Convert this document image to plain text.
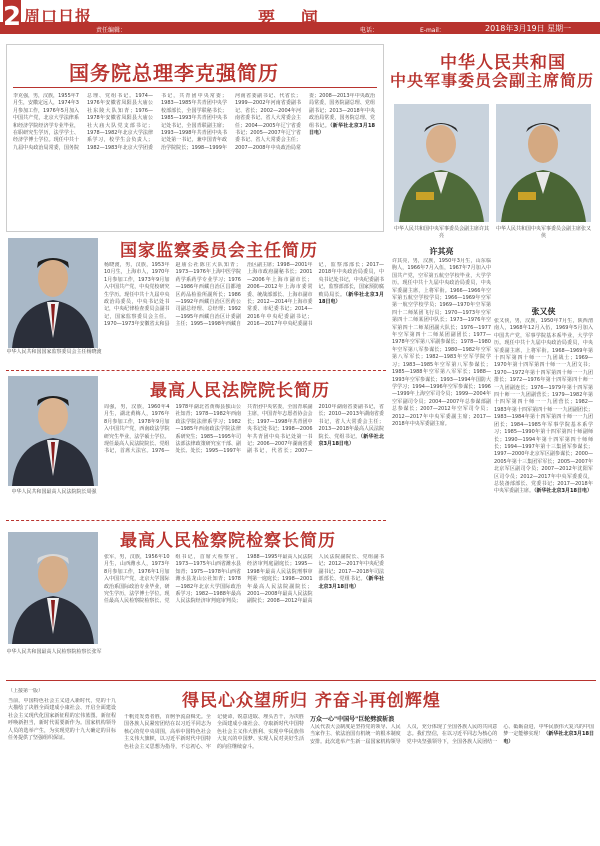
2 周口日报	要 闻
责任编辑：	电话：	E-mail：	2018年3月19日 星期一
国务院总理李克强简历
李克强，男，汉族，1955年7月生，安徽定远人，1974年3月参加工作，1976年5月加入中国共产党，北京大学法律系和经济学院经济学专业毕业，在职研究生学历，法学学士、经济学博士学位。现任中共十九届中央政治局常委，国务院总理、党组书记。1974—1976年安徽省凤阳县大庙公社东陵大队知青；1976—1978年安徽省凤阳县大庙公社大庙大队党支部书记；1978—1982年北京大学法律系学习，校学生会负责人；1982—1983年北京大学团委书记，共青团中央常委；1983—1985年共青团中央学校部部长，全国学联秘书长；1985—1993年共青团中央书记处书记，全国青联副主席；1993—1998年共青团中央书记处第一书记，兼中国青年政治学院院长；1998—1999年河南省委副书记、代省长；1999—2002年河南省委副书记、省长；2002—2004年河南省委书记、省人大常委会主任；2004—2005年辽宁省委书记；2005—2007年辽宁省委书记、省人大常委会主任；2007—2008年中央政治局常委；2008—2013年中央政治局常委，国务院副总理、党组副书记；2013—2018年中央政治局常委，国务院总理、党组书记。（新华社北京3月18日电）
中华人民共和国
中央军事委员会副主席简历
中华人民共和国中央军事委员会副主席许其亮
中华人民共和国中央军事委员会副主席张又侠
许其亮
许其亮，男，汉族，1950年3月生，山东临朐人，1966年7月入伍，1967年7月加入中国共产党，空军第五航空学校毕业，大学学历。现任中共十九届中央政治局委员，中央军委副主席，上将军衔。1966—1966年空军第五航空学校学员；1966—1969年空军第一航空学校学员；1969—1970年空军第四十二师某团飞行员；1970—1973年空军第四十二师某团中队长；1973—1976年空军第四十二师某团副大队长；1976—1977年空军第四十二师某团副团长；1977—1978年空军第八军副参谋长；1978—1980年空军第八军参谋长；1980—1982年空军第八军军长；1982—1983年空军学院学习；1983—1985年空军第八军参谋长；1985—1988年空军第八军军长；1988—1993年空军参谋长；1993—1994年国防大学学习；1994—1996年空军参谋长；1996—1999年上海空军司令员；1999—2004年空军副司令员；2004—2007年总参谋部副总参谋长；2007—2012年空军司令员；2012—2017年中央军委副主席；2017—2018年中央军委副主席。
张又侠
张又侠，男，汉族，1950年7月生，陕西渭南人，1968年12月入伍，1969年5月加入中国共产党，军事学院基本系毕业，大学学历。现任中共十九届中央政治局委员，中央军委副主席，上将军衔。1968—1969年第十四军第四十师一一九团战士；1969—1970年第十四军第四十师一一九团文书；1970—1972年第十四军第四十师一一九团排长；1972—1976年第十四军第四十师一一九团副连长；1976—1979年第十四军第四十师一一九团副营长；1979—1982年第十四军第四十师一一九团营长；1982—1983年第十四军第四十师一一九团副团长；1983—1984年第十四军第四十师一一九团团长；1984—1985年军事学院基本系学习；1985—1990年第十四军第四十师副师长；1990—1994年第十四军第四十师师长；1994—1997年第十三集团军参谋长；1997—2000年北京军区副参谋长；2000—2005年第十三集团军军长；2005—2007年北京军区副司令员；2007—2012年沈阳军区司令员；2012—2017年中央军委委员，总装备部部长、党委书记；2017—2018年中央军委副主席。（新华社北京3月18日电）
国家监察委员会主任简历
中华人民共和国国家监察委员会主任杨晓渡
杨晓渡，男，汉族，1953年10月生，上海市人，1970年1月参加工作，1973年9月加入中国共产党，中央党校研究生学历。现任中共十九届中央政治局委员，中央书记处书记，中央纪律检查委员会副书记，国家监察委员会主任。1970—1973年安徽省太和县赵庙公社陈庄大队知青；1973—1976年上海中医学院药学系药学专业学习；1976—1986年西藏自治区昌都地区药品检验所副所长；1986—1992年西藏自治区医药公司副总经理、总经理；1992—1995年西藏自治区计委副主任；1995—1998年西藏自治区副主席；1998—2001年上海市政府副秘书长；2001—2006年上海市副市长；2006—2012年上海市委常委、统战部部长、上海市副市长；2012—2014年上海市委常委、市纪委书记；2014—2016年中央纪委副书记；2016—2017年中央纪委副书记，监察部部长；2017—2018年中央政治局委员，中央书记处书记，中央纪委副书记，监察部部长，国家预防腐败局局长。（新华社北京3月18日电）
最高人民法院院长简历
中华人民共和国最高人民法院院长周强
周强，男，汉族，1960年4月生，湖北黄梅人，1976年8月参加工作，1978年9月加入中国共产党，西南政法学院研究生毕业，法学硕士学位。现任最高人民法院院长、党组书记，首席大法官。1976—1978年湖北省黄梅县独山公社知青；1978—1982年西南政法学院法律系学习；1982—1985年西南政法学院法律系研究生；1985—1995年司法部法律政策研究室干部、副处长、处长；1995—1997年共青团中央常委，全国青联副主席，中国青年志愿者协会会长；1997—1998年共青团中央书记处书记；1998—2006年共青团中央书记处第一书记；2006—2007年湖南省委副书记，代省长；2007—2010年湖南省委副书记，省长；2010—2013年湖南省委书记，省人大常委会主任；2013—2018年最高人民法院院长、党组书记。（新华社北京3月18日电）
最高人民检察院检察长简历
中华人民共和国最高人民检察院检察长张军
张军，男，汉族，1956年10月生，山西潍水人，1973年8月参加工作，1976年1月加入中国共产党，北京大学国际政治系国际政治专业毕业，研究生学历，法学博士学位。现任最高人民检察院检察长、党组书记，首席大检察官。1973—1975年山西省潍水县知青；1975—1978年山西省潍水县龙山公社知青；1978—1982年北京大学国际政治系学习；1982—1988年最高人民法院经济审判庭审判员；1988—1995年最高人民法院经济审判庭副庭长；1995—1998年最高人民法院刑事审判第一庭庭长；1998—2001年最高人民法院副院长；2001—2008年最高人民法院副院长；2008—2012年最高人民法院副院长、党组副书记；2012—2017年中央纪委副书记；2017—2018年司法部部长、党组书记。（新华社北京3月18日电）
（上接第一版）	得民心众望所归 齐奋斗再创辉煌
当前，中国特色社会主义进入新时代，党的十九大描绘了决胜全面建成小康社会、开启全面建设社会主义现代化国家新征程的宏伟蓝图。新征程呼唤新担当，新时代需要新作为。国家机构领导人员的选举产生，为实现党的十九大确定的目标任务提供了坚强组织保证。
千帆竞发勇者胜，百舸争流奋楫先。全国各族人民紧密团结在以习近平同志为核心的党中央周围，高举中国特色社会主义伟大旗帜，以习近平新时代中国特色社会主义思想为指导，不忘初心、牢记使命，锐意进取、埋头苦干，为决胜全面建成小康社会、夺取新时代中国特色社会主义伟大胜利、实现中华民族伟大复兴的中国梦、实现人民对美好生活的向往继续奋斗。
万众一心"中国号"巨轮劈波斩浪
人民代表大会制度是坚持党的领导、人民当家作主、依法治国有机统一的根本制度安排。此次选举产生新一届国家机构领导人员，充分体现了全国各族人民的共同意志。我们坚信，在以习近平同志为核心的党中央坚强领导下，全国各族人民团结一心、砥砺奋进，中华民族伟大复兴的中国梦一定能够实现！（新华社北京3月18日电）
